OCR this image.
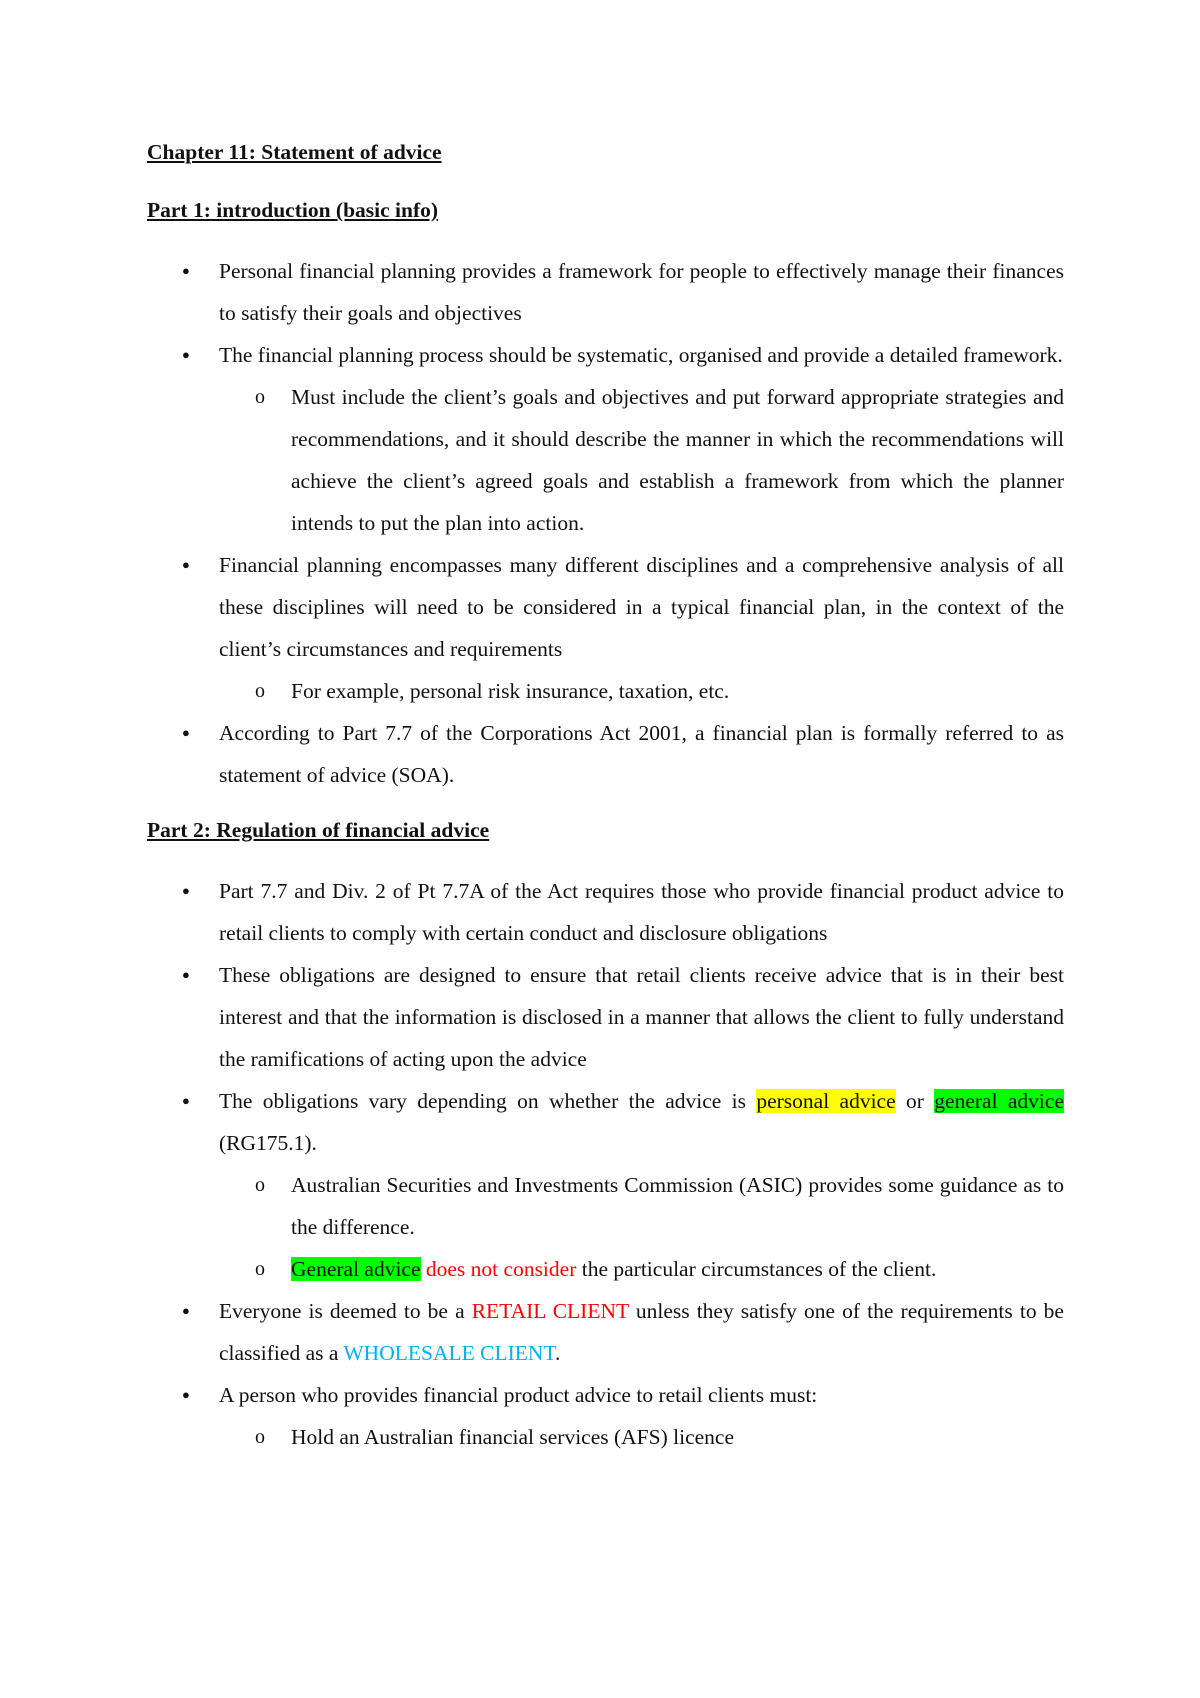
Chapter 11: Statement of advice

Part 1: introduction (basic info)

● Personal financial planning provides a framework for people to effectively manage their finances to satisfy their goals and objectives
● The financial planning process should be systematic, organised and provide a detailed framework.
o Must include the client’s goals and objectives and put forward appropriate strategies and recommendations, and it should describe the manner in which the recommendations will achieve the client’s agreed goals and establish a framework from which the planner intends to put the plan into action.
● Financial planning encompasses many different disciplines and a comprehensive analysis of all these disciplines will need to be considered in a typical financial plan, in the context of the client’s circumstances and requirements
o For example, personal risk insurance, taxation, etc.
● According to Part 7.7 of the Corporations Act 2001, a financial plan is formally referred to as statement of advice (SOA).

Part 2: Regulation of financial advice

● Part 7.7 and Div. 2 of Pt 7.7A of the Act requires those who provide financial product advice to retail clients to comply with certain conduct and disclosure obligations
● These obligations are designed to ensure that retail clients receive advice that is in their best interest and that the information is disclosed in a manner that allows the client to fully understand the ramifications of acting upon the advice
● The obligations vary depending on whether the advice is personal advice or general advice (RG175.1).
o Australian Securities and Investments Commission (ASIC) provides some guidance as to the difference.
o General advice does not consider the particular circumstances of the client.
● Everyone is deemed to be a RETAIL CLIENT unless they satisfy one of the requirements to be classified as a WHOLESALE CLIENT.
● A person who provides financial product advice to retail clients must:
o Hold an Australian financial services (AFS) licence
